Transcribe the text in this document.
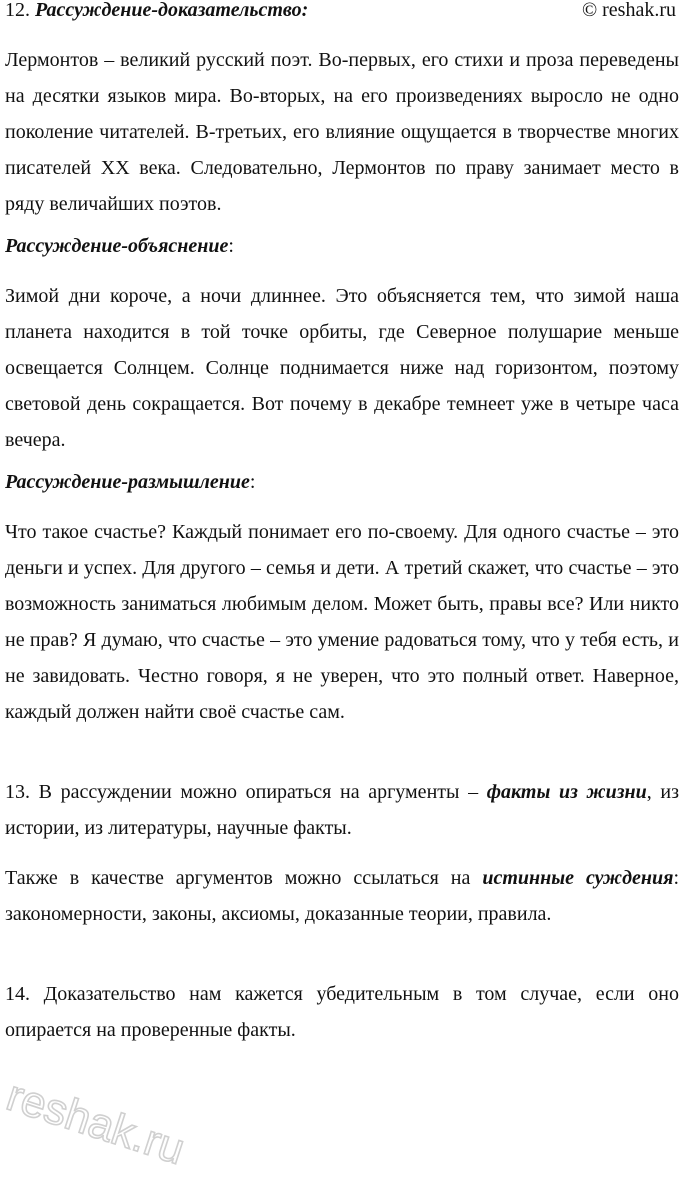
12. Рассуждение-доказательство:	© reshak.ru

Лермонтов – великий русский поэт. Во-первых, его стихи и проза переведены на десятки языков мира. Во-вторых, на его произведениях выросло не одно поколение читателей. В-третьих, его влияние ощущается в творчестве многих писателей XX века. Следовательно, Лермонтов по праву занимает место в ряду величайших поэтов.

Рассуждение-объяснение:

Зимой дни короче, а ночи длиннее. Это объясняется тем, что зимой наша планета находится в той точке орбиты, где Северное полушарие меньше освещается Солнцем. Солнце поднимается ниже над горизонтом, поэтому световой день сокращается. Вот почему в декабре темнеет уже в четыре часа вечера.

Рассуждение-размышление:

Что такое счастье? Каждый понимает его по-своему. Для одного счастье – это деньги и успех. Для другого – семья и дети. А третий скажет, что счастье – это возможность заниматься любимым делом. Может быть, правы все? Или никто не прав? Я думаю, что счастье – это умение радоваться тому, что у тебя есть, и не завидовать. Честно говоря, я не уверен, что это полный ответ. Наверное, каждый должен найти своё счастье сам.

13. В рассуждении можно опираться на аргументы – факты из жизни, из истории, из литературы, научные факты.

Также в качестве аргументов можно ссылаться на истинные суждения: закономерности, законы, аксиомы, доказанные теории, правила.

14. Доказательство нам кажется убедительным в том случае, если оно опирается на проверенные факты.

reshak.ru
